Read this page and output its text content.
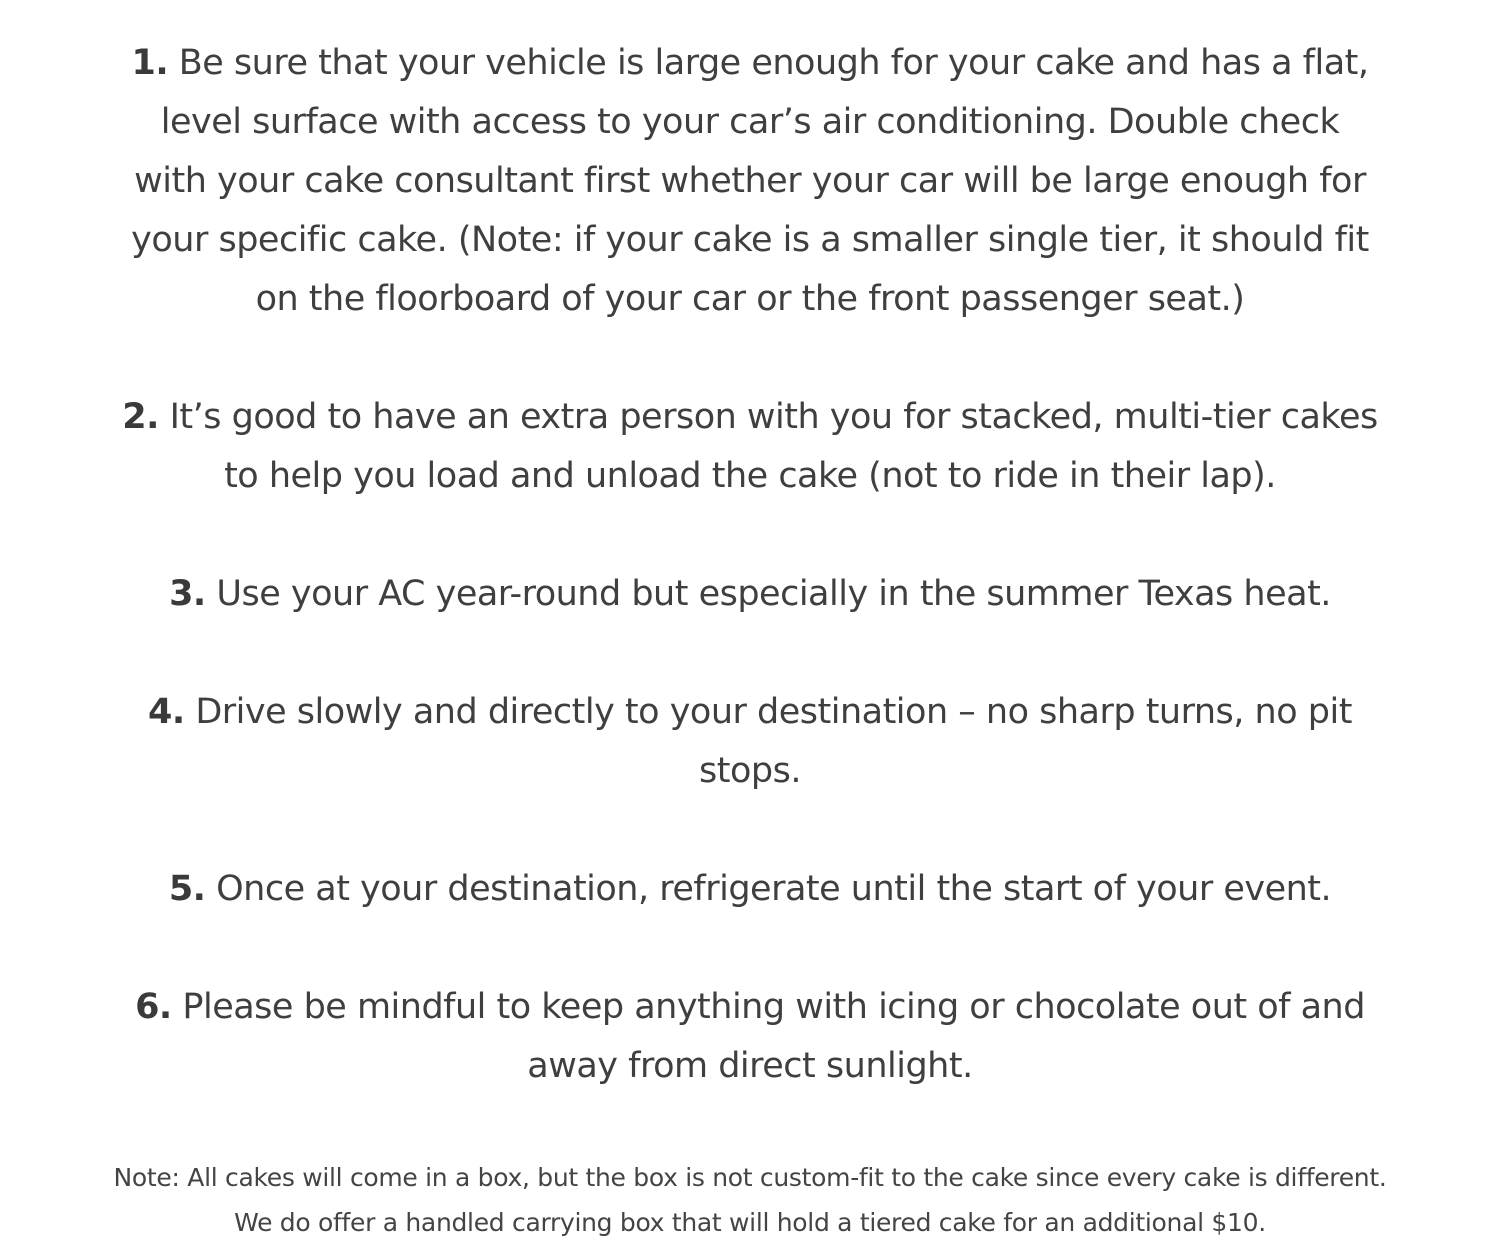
1. Be sure that your vehicle is large enough for your cake and has a flat, level surface with access to your car’s air conditioning. Double check with your cake consultant first whether your car will be large enough for your specific cake. (Note: if your cake is a smaller single tier, it should fit on the floorboard of your car or the front passenger seat.)

2. It’s good to have an extra person with you for stacked, multi-tier cakes to help you load and unload the cake (not to ride in their lap).

3. Use your AC year-round but especially in the summer Texas heat.

4. Drive slowly and directly to your destination – no sharp turns, no pit stops.

5. Once at your destination, refrigerate until the start of your event.

6. Please be mindful to keep anything with icing or chocolate out of and away from direct sunlight.

Note: All cakes will come in a box, but the box is not custom-fit to the cake since every cake is different. We do offer a handled carrying box that will hold a tiered cake for an additional $10.
